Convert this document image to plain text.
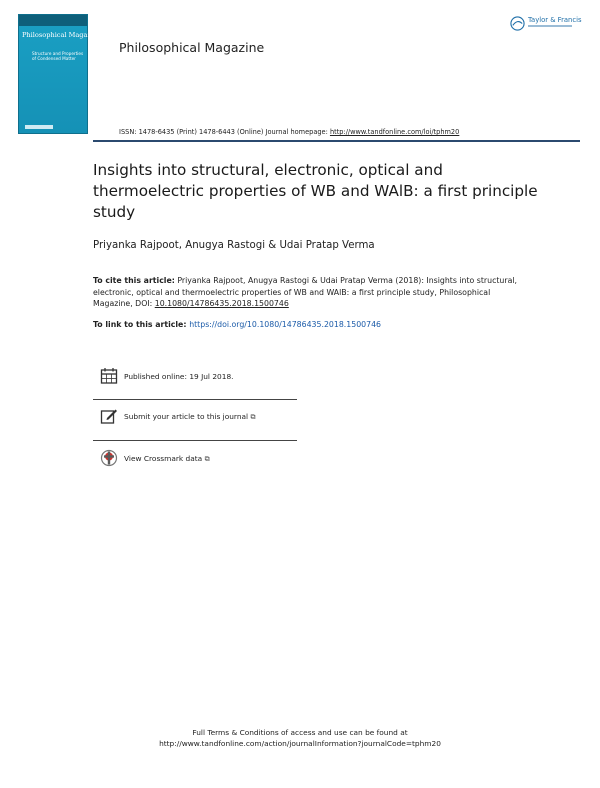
Philosophical Magazine
Structure and Properties of Condensed Matter
Philosophical Magazine
Taylor & Francis
ISSN: 1478-6435 (Print) 1478-6443 (Online) Journal homepage: http://www.tandfonline.com/loi/tphm20
Insights into structural, electronic, optical and thermoelectric properties of WB and WAlB: a first principle study
Priyanka Rajpoot, Anugya Rastogi & Udai Pratap Verma
To cite this article: Priyanka Rajpoot, Anugya Rastogi & Udai Pratap Verma (2018): Insights into structural, electronic, optical and thermoelectric properties of WB and WAlB: a first principle study, Philosophical Magazine, DOI: 10.1080/14786435.2018.1500746
To link to this article: https://doi.org/10.1080/14786435.2018.1500746
Published online: 19 Jul 2018.
Submit your article to this journal ⧉
View Crossmark data ⧉
Full Terms & Conditions of access and use can be found at
http://www.tandfonline.com/action/journalInformation?journalCode=tphm20
